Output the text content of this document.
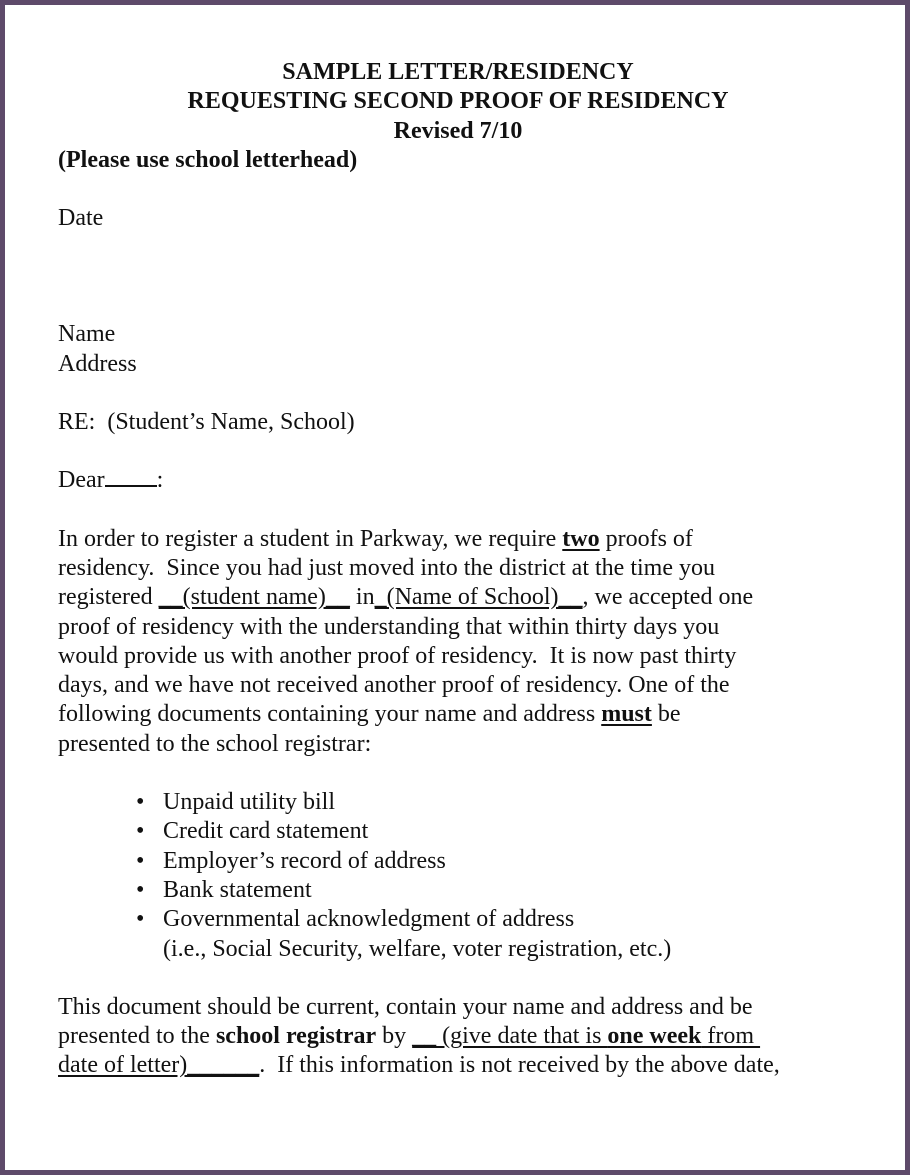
SAMPLE LETTER/RESIDENCY
REQUESTING SECOND PROOF OF RESIDENCY
Revised 7/10
(Please use school letterhead)
Date
Name
Address
RE:  (Student’s Name, School)
Dear :
In order to register a student in Parkway, we require two proofs of
residency.  Since you had just moved into the district at the time you
registered __(student name)__ in_(Name of School)__, we accepted one
proof of residency with the understanding that within thirty days you
would provide us with another proof of residency.  It is now past thirty
days, and we have not received another proof of residency. One of the
following documents containing your name and address must be
presented to the school registrar:
• Unpaid utility bill
• Credit card statement
• Employer’s record of address
• Bank statement
• Governmental acknowledgment of address
(i.e., Social Security, welfare, voter registration, etc.)
This document should be current, contain your name and address and be
presented to the school registrar by __ (give date that is one week from
date of letter)______.  If this information is not received by the above date,
